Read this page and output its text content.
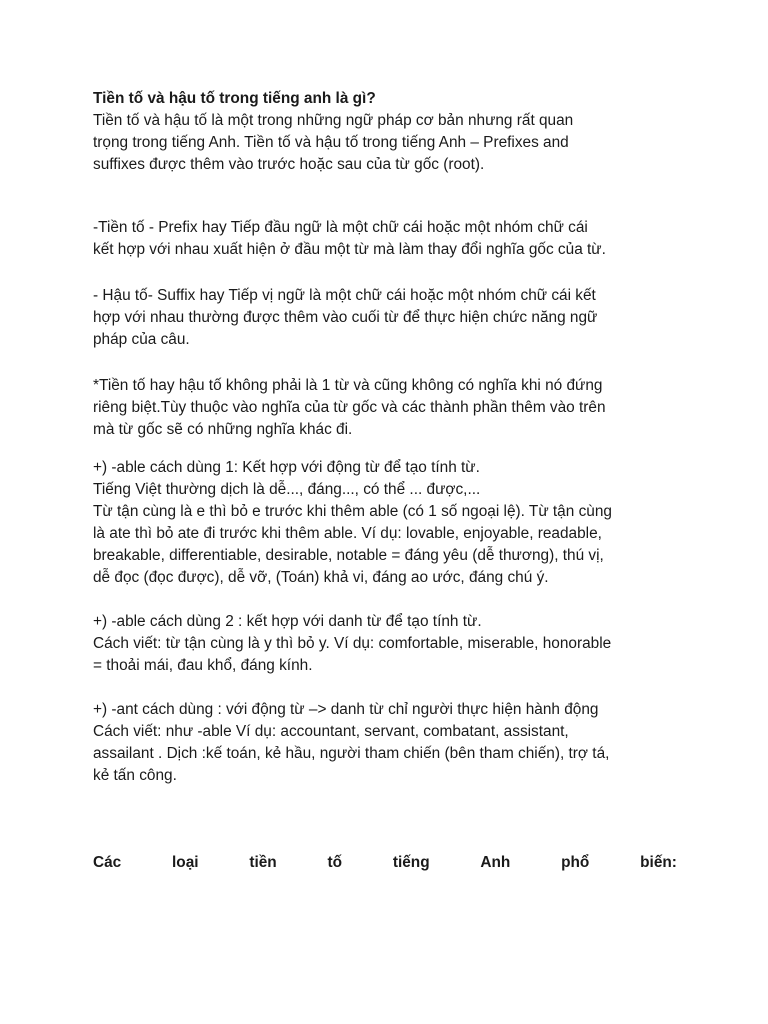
Tiền tố và hậu tố trong tiếng anh là gì?
Tiền tố và hậu tố là một trong những ngữ pháp cơ bản nhưng rất quan
trọng trong tiếng Anh. Tiền tố và hậu tố trong tiếng Anh – Prefixes and
suffixes được thêm vào trước hoặc sau của từ gốc (root).

-Tiền tố - Prefix hay Tiếp đầu ngữ là một chữ cái hoặc một nhóm chữ cái
kết hợp với nhau xuất hiện ở đầu một từ mà làm thay đổi nghĩa gốc của từ.

- Hậu tố- Suffix hay Tiếp vị ngữ là một chữ cái hoặc một nhóm chữ cái kết
hợp với nhau thường được thêm vào cuối từ để thực hiện chức năng ngữ
pháp của câu.

*Tiền tố hay hậu tố không phải là 1 từ và cũng không có nghĩa khi nó đứng
riêng biệt.Tùy thuộc vào nghĩa của từ gốc và các thành phần thêm vào trên
mà từ gốc sẽ có những nghĩa khác đi.

+) -able cách dùng 1: Kết hợp với động từ để tạo tính từ.
Tiếng Việt thường dịch là dễ..., đáng..., có thể ... được,...
Từ tận cùng là e thì bỏ e trước khi thêm able (có 1 số ngoại lệ). Từ tận cùng
là ate thì bỏ ate đi trước khi thêm able. Ví dụ: lovable, enjoyable, readable,
breakable, differentiable, desirable, notable = đáng yêu (dễ thương), thú vị,
dễ đọc (đọc được), dễ vỡ, (Toán) khả vi, đáng ao ước, đáng chú ý.

+) -able cách dùng 2 : kết hợp với danh từ để tạo tính từ.
Cách viết: từ tận cùng là y thì bỏ y. Ví dụ: comfortable, miserable, honorable
= thoải mái, đau khổ, đáng kính.

+) -ant cách dùng : với động từ –> danh từ chỉ người thực hiện hành động
Cách viết: như -able Ví dụ: accountant, servant, combatant, assistant,
assailant . Dịch :kế toán, kẻ hầu, người tham chiến (bên tham chiến), trợ tá,
kẻ tấn công.

Các	loại	tiền	tố	tiếng	Anh	phổ	biến:
